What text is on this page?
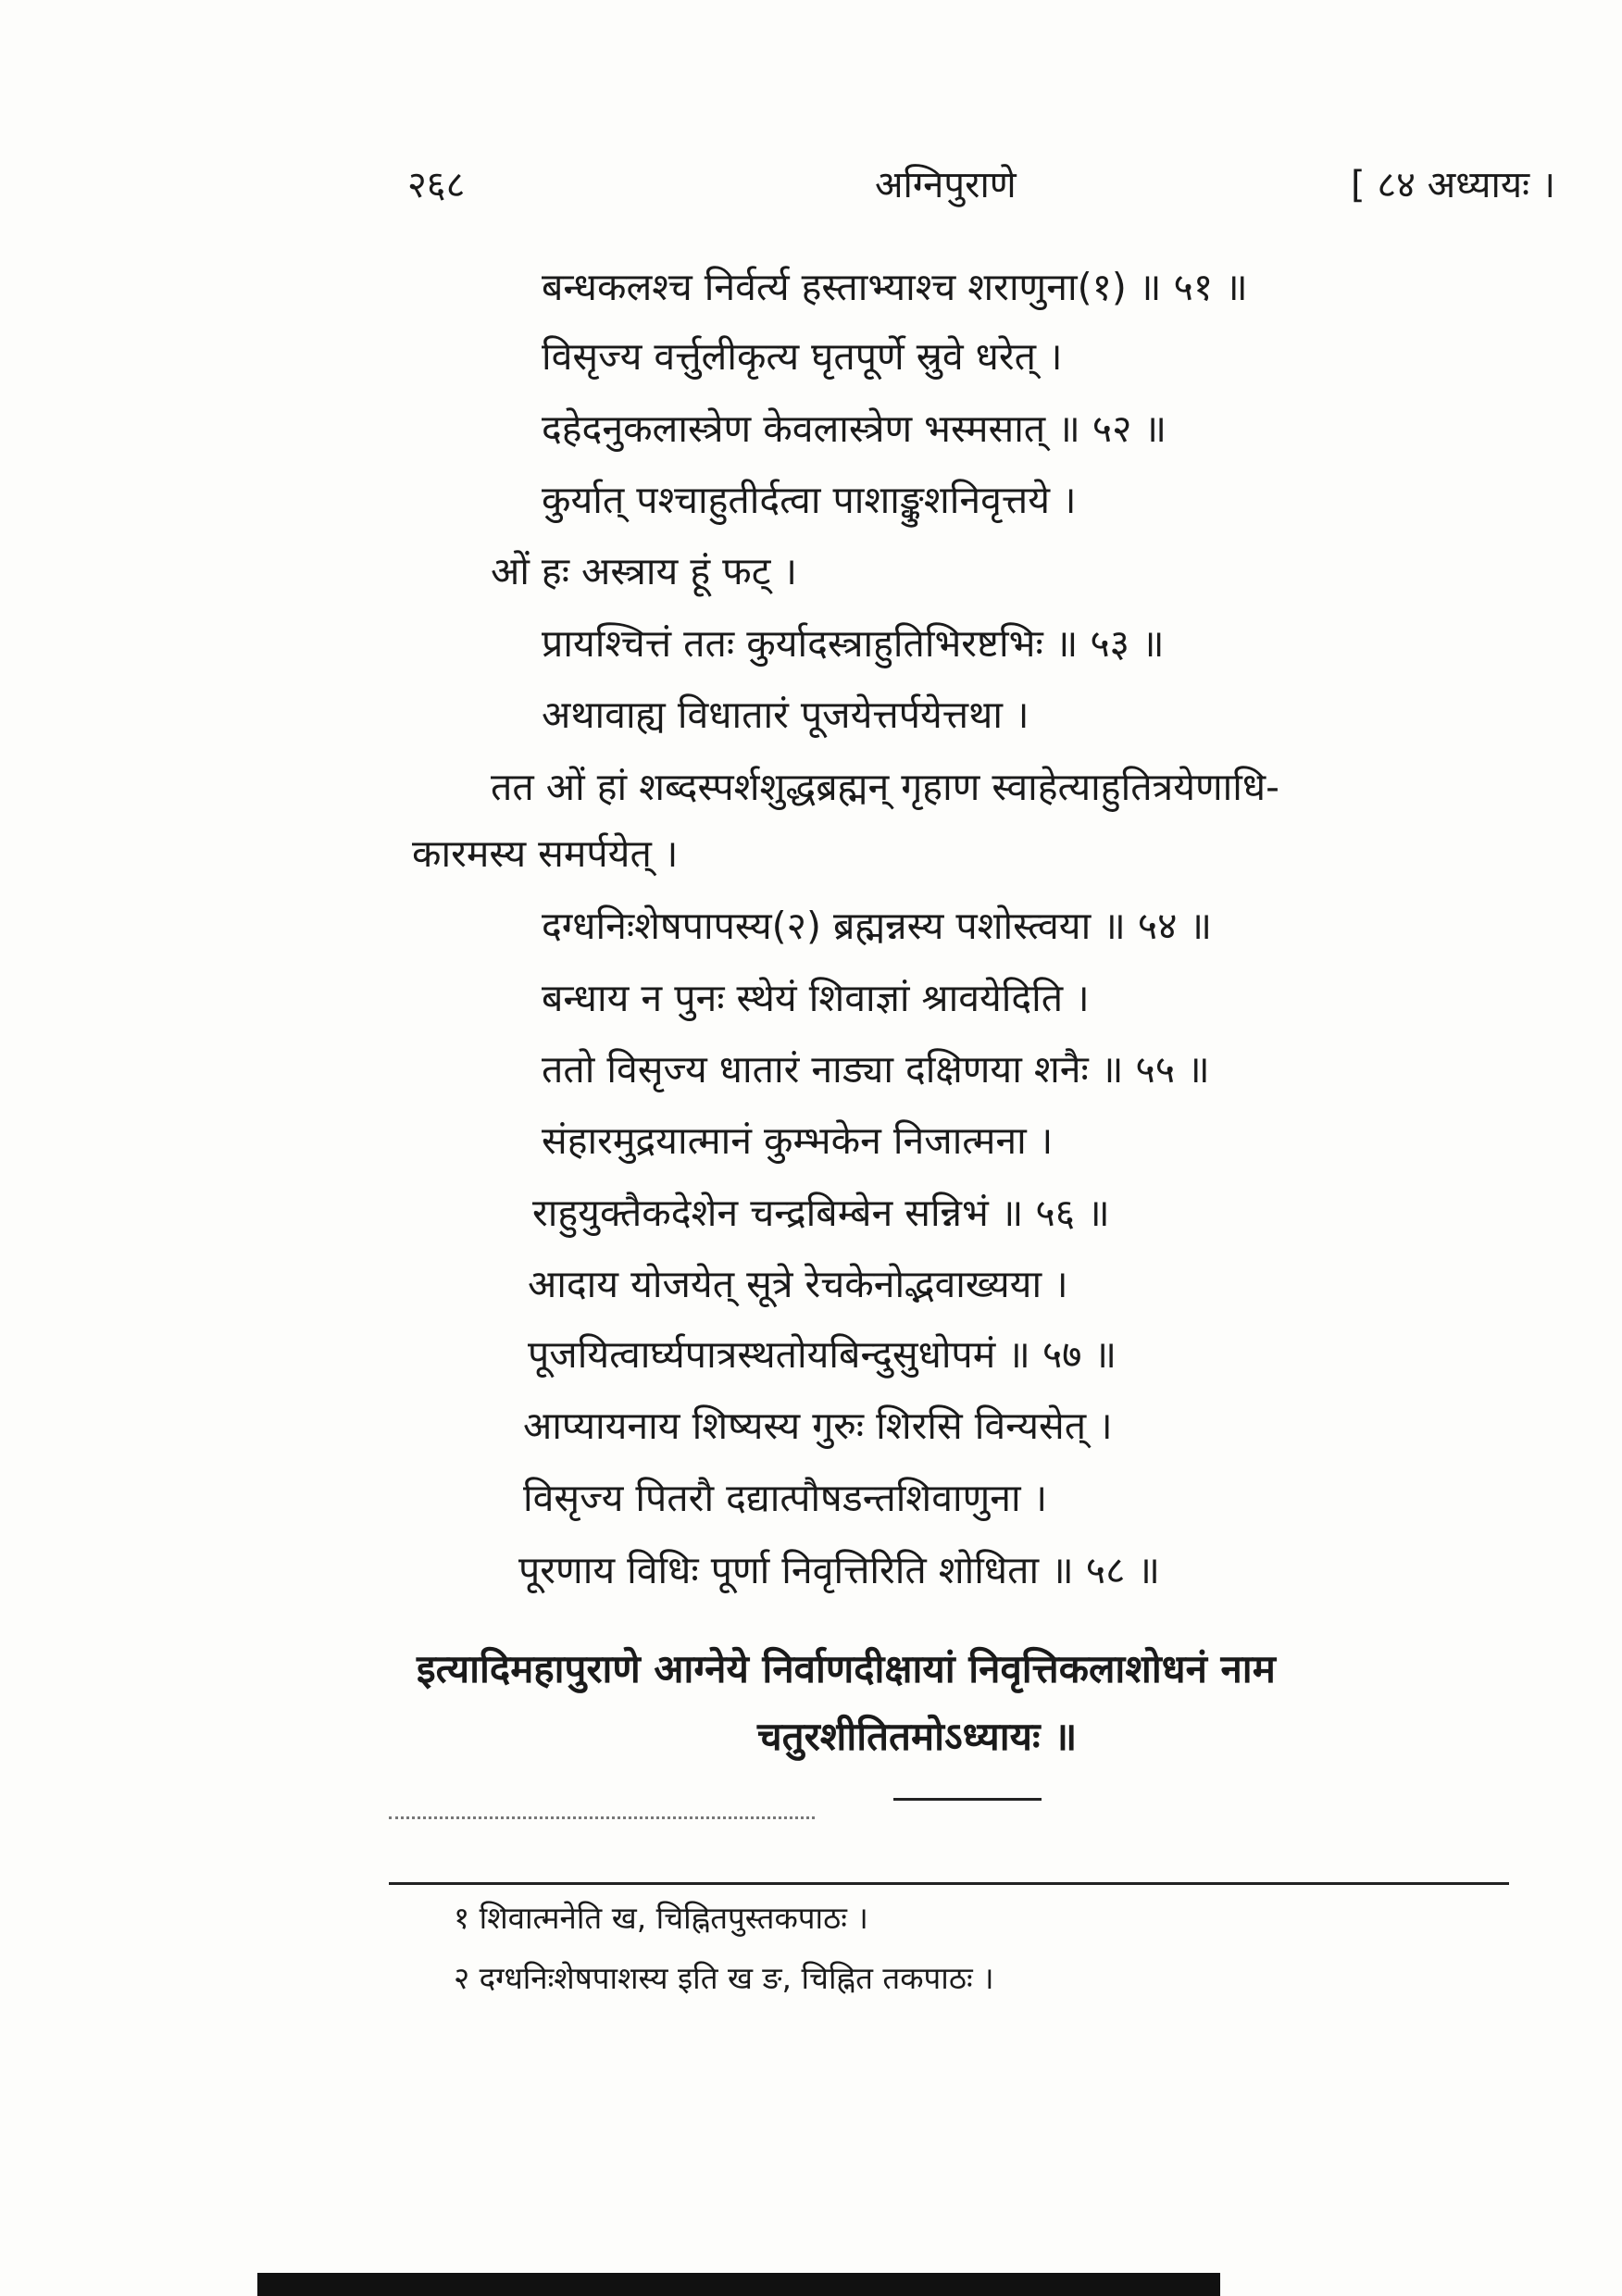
२६८	अग्निपुराणे	[ ८४ अध्यायः ।
बन्धकलश्च निर्वर्त्य हस्ताभ्याश्च शराणुना(१) ॥ ५१ ॥
विसृज्य वर्त्तुलीकृत्य घृतपूर्णे स्रुवे धरेत् ।
दहेदनुकलास्त्रेण केवलास्त्रेण भस्मसात् ॥ ५२ ॥
कुर्यात् पश्चाहुतीर्दत्वा पाशाङ्कुशनिवृत्तये ।
ओं हः अस्त्राय हूं फट् ।
प्रायश्चित्तं ततः कुर्यादस्त्राहुतिभिरष्टभिः ॥ ५३ ॥
अथावाह्य विधातारं पूजयेत्तर्पयेत्तथा ।
तत ओं हां शब्दस्पर्शशुद्धब्रह्मन् गृहाण स्वाहेत्याहुतित्रयेणाधि-
कारमस्य समर्पयेत् ।
दग्धनिःशेषपापस्य(२) ब्रह्मन्नस्य पशोस्त्वया ॥ ५४ ॥
बन्धाय न पुनः स्थेयं शिवाज्ञां श्रावयेदिति ।
ततो विसृज्य धातारं नाड्या दक्षिणया शनैः ॥ ५५ ॥
संहारमुद्रयात्मानं कुम्भकेन निजात्मना ।
राहुयुक्तैकदेशेन चन्द्रबिम्बेन सन्निभं ॥ ५६ ॥
आदाय योजयेत् सूत्रे रेचकेनोद्भवाख्यया ।
पूजयित्वार्घ्यपात्रस्थतोयबिन्दुसुधोपमं ॥ ५७ ॥
आप्यायनाय शिष्यस्य गुरुः शिरसि विन्यसेत् ।
विसृज्य पितरौ दद्यात्पौषडन्तशिवाणुना ।
पूरणाय विधिः पूर्णा निवृत्तिरिति शोधिता ॥ ५८ ॥
इत्यादिमहापुराणे आग्नेये निर्वाणदीक्षायां निवृत्तिकलाशोधनं नाम
चतुरशीतितमोऽध्यायः ॥
१ शिवात्मनेति ख, चिह्नितपुस्तकपाठः ।
२ दग्धनिःशेषपाशस्य इति ख ङ, चिह्नित तकपाठः ।
